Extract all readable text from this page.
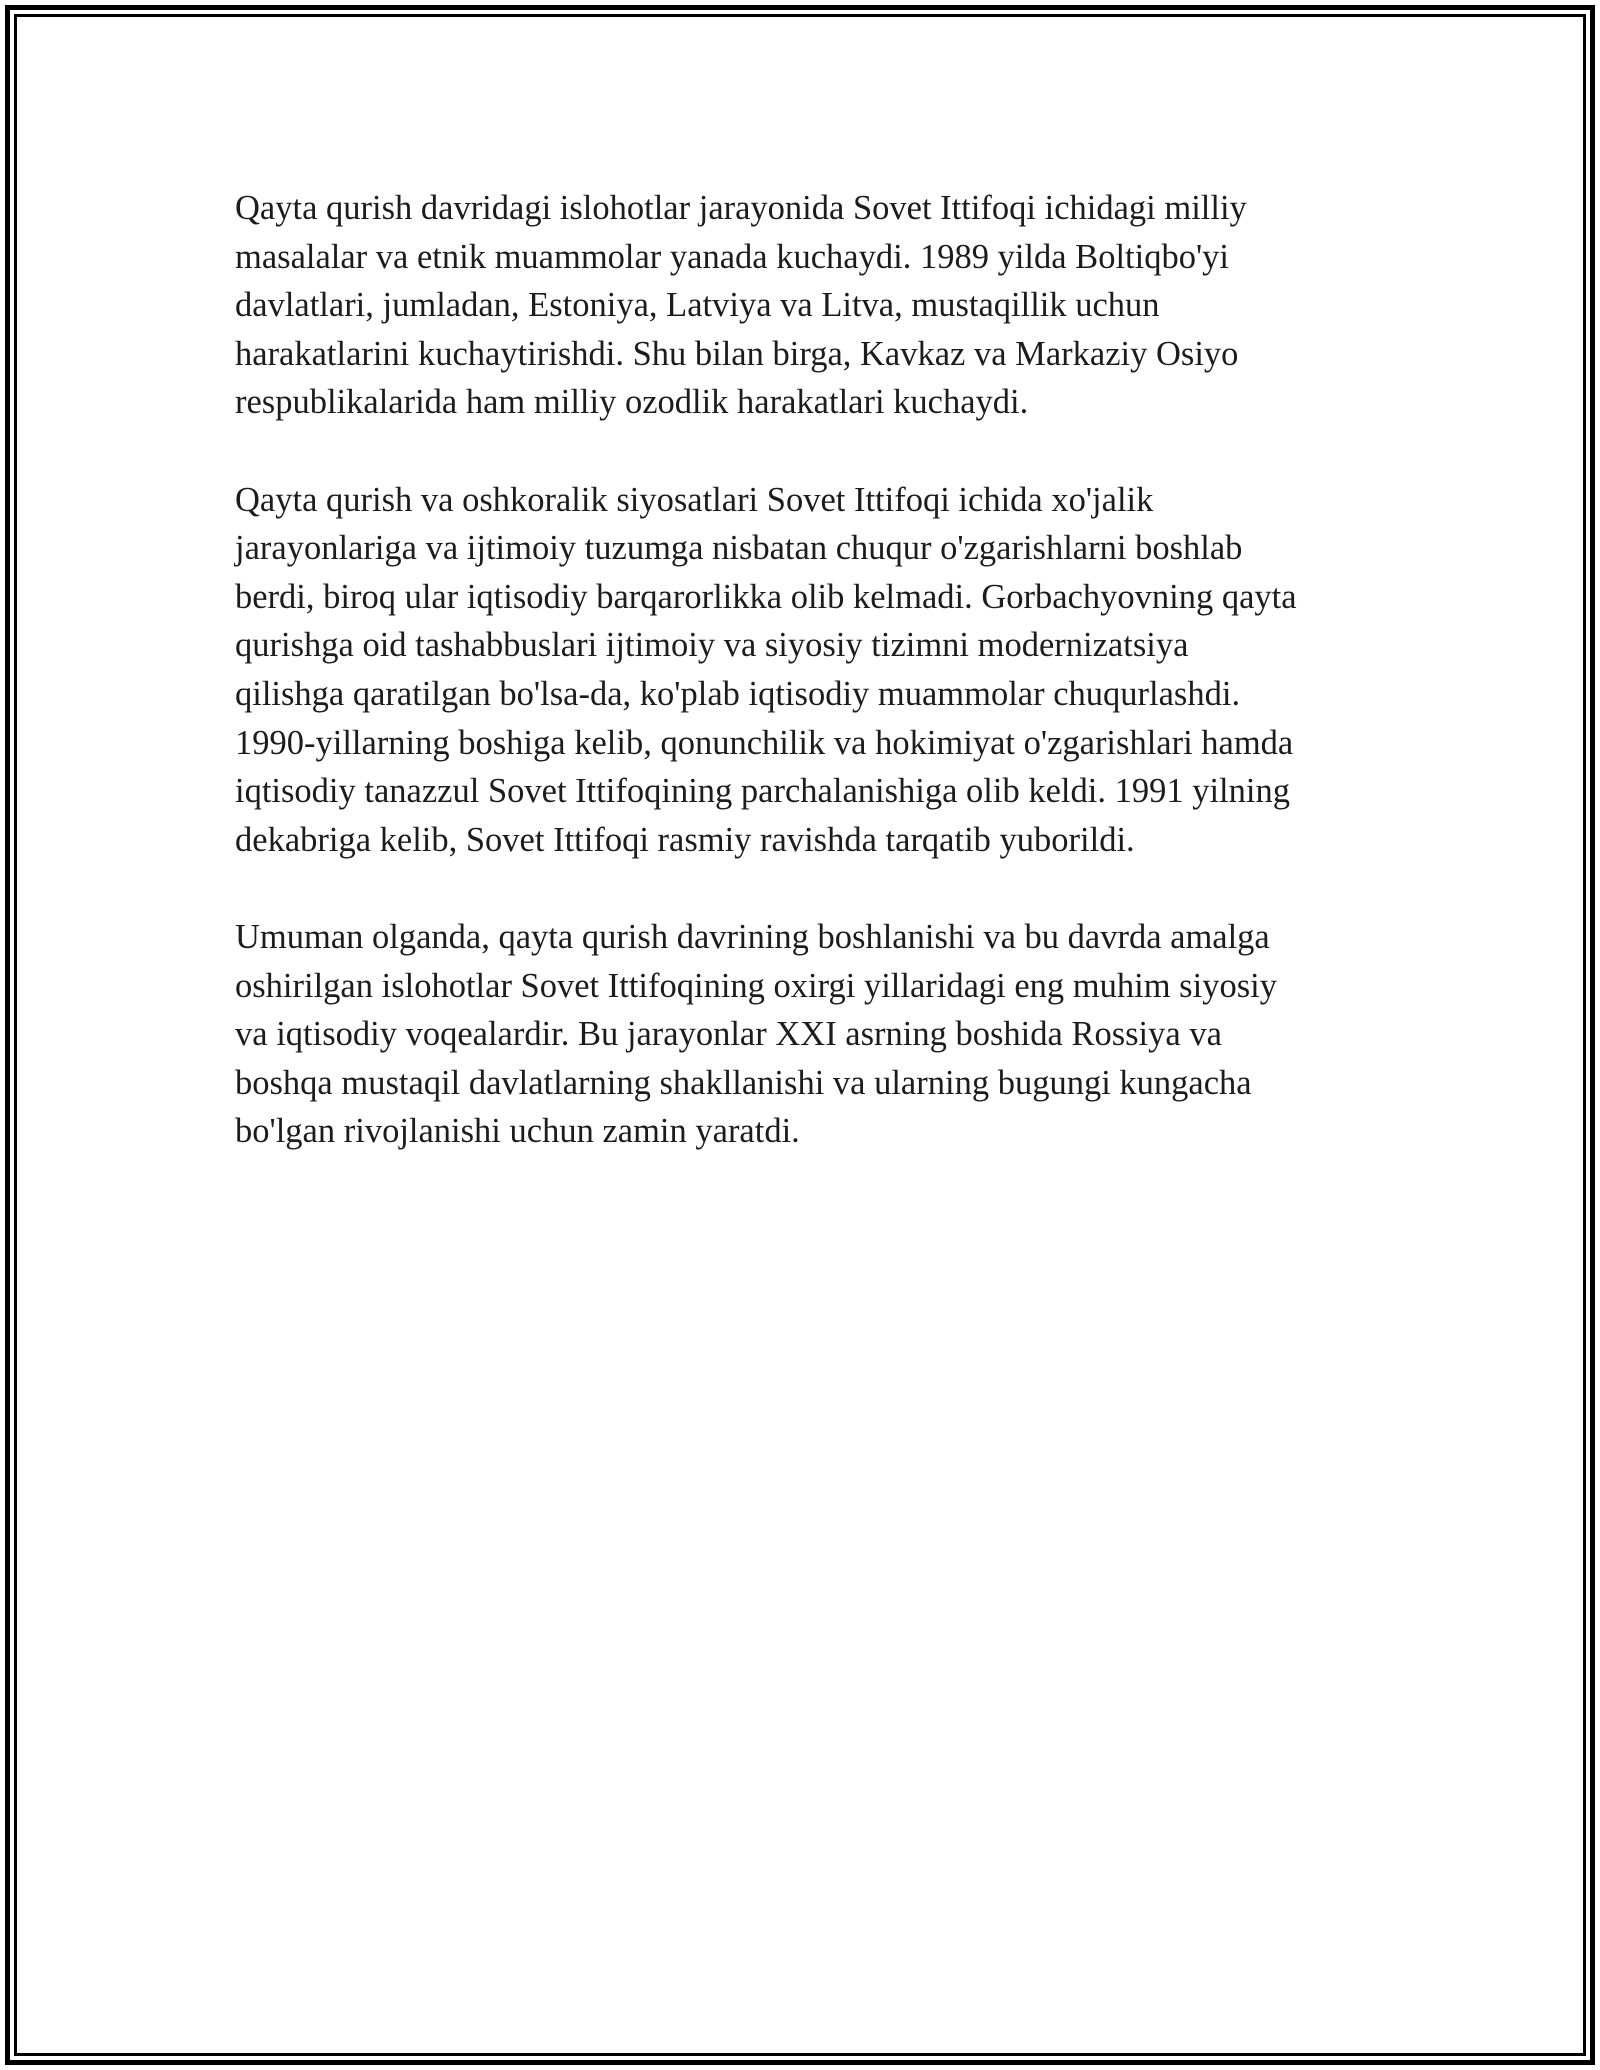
Qayta qurish davridagi islohotlar jarayonida Sovet Ittifoqi ichidagi milliy
masalalar va etnik muammolar yanada kuchaydi. 1989 yilda Boltiqbo'yi
davlatlari, jumladan, Estoniya, Latviya va Litva, mustaqillik uchun
harakatlarini kuchaytirishdi. Shu bilan birga, Kavkaz va Markaziy Osiyo
respublikalarida ham milliy ozodlik harakatlari kuchaydi.

Qayta qurish va oshkoralik siyosatlari Sovet Ittifoqi ichida xo'jalik
jarayonlariga va ijtimoiy tuzumga nisbatan chuqur o'zgarishlarni boshlab
berdi, biroq ular iqtisodiy barqarorlikka olib kelmadi. Gorbachyovning qayta
qurishga oid tashabbuslari ijtimoiy va siyosiy tizimni modernizatsiya
qilishga qaratilgan bo'lsa-da, ko'plab iqtisodiy muammolar chuqurlashdi.
1990-yillarning boshiga kelib, qonunchilik va hokimiyat o'zgarishlari hamda
iqtisodiy tanazzul Sovet Ittifoqining parchalanishiga olib keldi. 1991 yilning
dekabriga kelib, Sovet Ittifoqi rasmiy ravishda tarqatib yuborildi.

Umuman olganda, qayta qurish davrining boshlanishi va bu davrda amalga
oshirilgan islohotlar Sovet Ittifoqining oxirgi yillaridagi eng muhim siyosiy
va iqtisodiy voqealardir. Bu jarayonlar XXI asrning boshida Rossiya va
boshqa mustaqil davlatlarning shakllanishi va ularning bugungi kungacha
bo'lgan rivojlanishi uchun zamin yaratdi.
